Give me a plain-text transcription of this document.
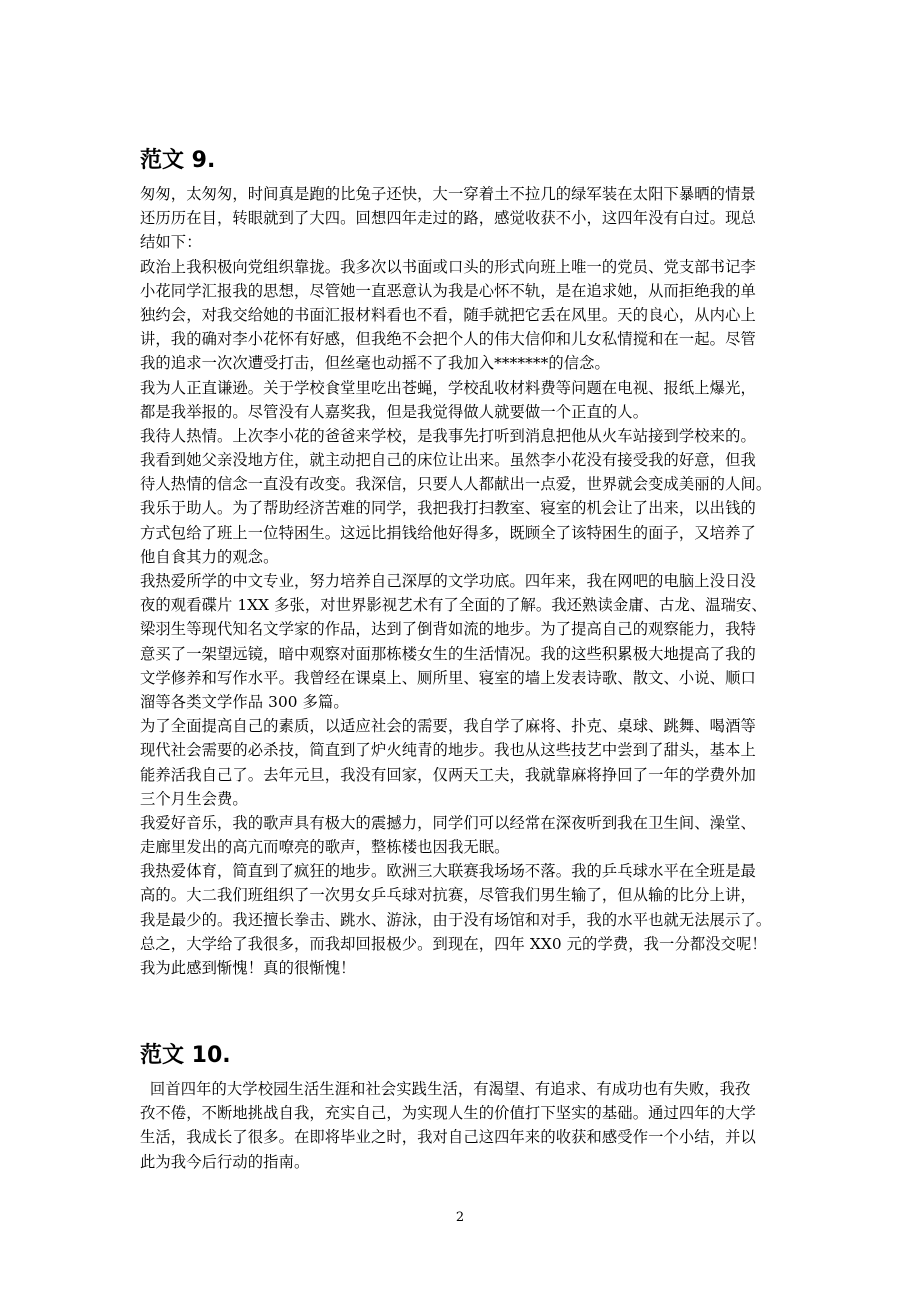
范文 9.
匆匆，太匆匆，时间真是跑的比兔子还快，大一穿着土不拉几的绿军装在太阳下暴晒的情景
还历历在目，转眼就到了大四。回想四年走过的路，感觉收获不小，这四年没有白过。现总
结如下：
政治上我积极向党组织靠拢。我多次以书面或口头的形式向班上唯一的党员、党支部书记李
小花同学汇报我的思想，尽管她一直恶意认为我是心怀不轨，是在追求她，从而拒绝我的单
独约会，对我交给她的书面汇报材料看也不看，随手就把它丢在风里。天的良心，从内心上
讲，我的确对李小花怀有好感，但我绝不会把个人的伟大信仰和儿女私情搅和在一起。尽管
我的追求一次次遭受打击，但丝毫也动摇不了我加入*******的信念。
我为人正直谦逊。关于学校食堂里吃出苍蝇，学校乱收材料费等问题在电视、报纸上爆光，
都是我举报的。尽管没有人嘉奖我，但是我觉得做人就要做一个正直的人。
我待人热情。上次李小花的爸爸来学校，是我事先打听到消息把他从火车站接到学校来的。
我看到她父亲没地方住，就主动把自己的床位让出来。虽然李小花没有接受我的好意，但我
待人热情的信念一直没有改变。我深信，只要人人都献出一点爱，世界就会变成美丽的人间。
我乐于助人。为了帮助经济苦难的同学，我把我打扫教室、寝室的机会让了出来，以出钱的
方式包给了班上一位特困生。这远比捐钱给他好得多，既顾全了该特困生的面子，又培养了
他自食其力的观念。
我热爱所学的中文专业，努力培养自己深厚的文学功底。四年来，我在网吧的电脑上没日没
夜的观看碟片 1XX 多张，对世界影视艺术有了全面的了解。我还熟读金庸、古龙、温瑞安、
梁羽生等现代知名文学家的作品，达到了倒背如流的地步。为了提高自己的观察能力，我特
意买了一架望远镜，暗中观察对面那栋楼女生的生活情况。我的这些积累极大地提高了我的
文学修养和写作水平。我曾经在课桌上、厕所里、寝室的墙上发表诗歌、散文、小说、顺口
溜等各类文学作品 300 多篇。
为了全面提高自己的素质，以适应社会的需要，我自学了麻将、扑克、桌球、跳舞、喝酒等
现代社会需要的必杀技，简直到了炉火纯青的地步。我也从这些技艺中尝到了甜头，基本上
能养活我自己了。去年元旦，我没有回家，仅两天工夫，我就靠麻将挣回了一年的学费外加
三个月生会费。
我爱好音乐，我的歌声具有极大的震撼力，同学们可以经常在深夜听到我在卫生间、澡堂、
走廊里发出的高亢而嘹亮的歌声，整栋楼也因我无眠。
我热爱体育，简直到了疯狂的地步。欧洲三大联赛我场场不落。我的乒乓球水平在全班是最
高的。大二我们班组织了一次男女乒乓球对抗赛，尽管我们男生输了，但从输的比分上讲，
我是最少的。我还擅长拳击、跳水、游泳，由于没有场馆和对手，我的水平也就无法展示了。
总之，大学给了我很多，而我却回报极少。到现在，四年 XX0 元的学费，我一分都没交呢！
我为此感到惭愧！真的很惭愧！
范文 10.
回首四年的大学校园生活生涯和社会实践生活，有渴望、有追求、有成功也有失败，我孜
孜不倦，不断地挑战自我，充实自己，为实现人生的价值打下坚实的基础。通过四年的大学
生活，我成长了很多。在即将毕业之时，我对自己这四年来的收获和感受作一个小结，并以
此为我今后行动的指南。
2
